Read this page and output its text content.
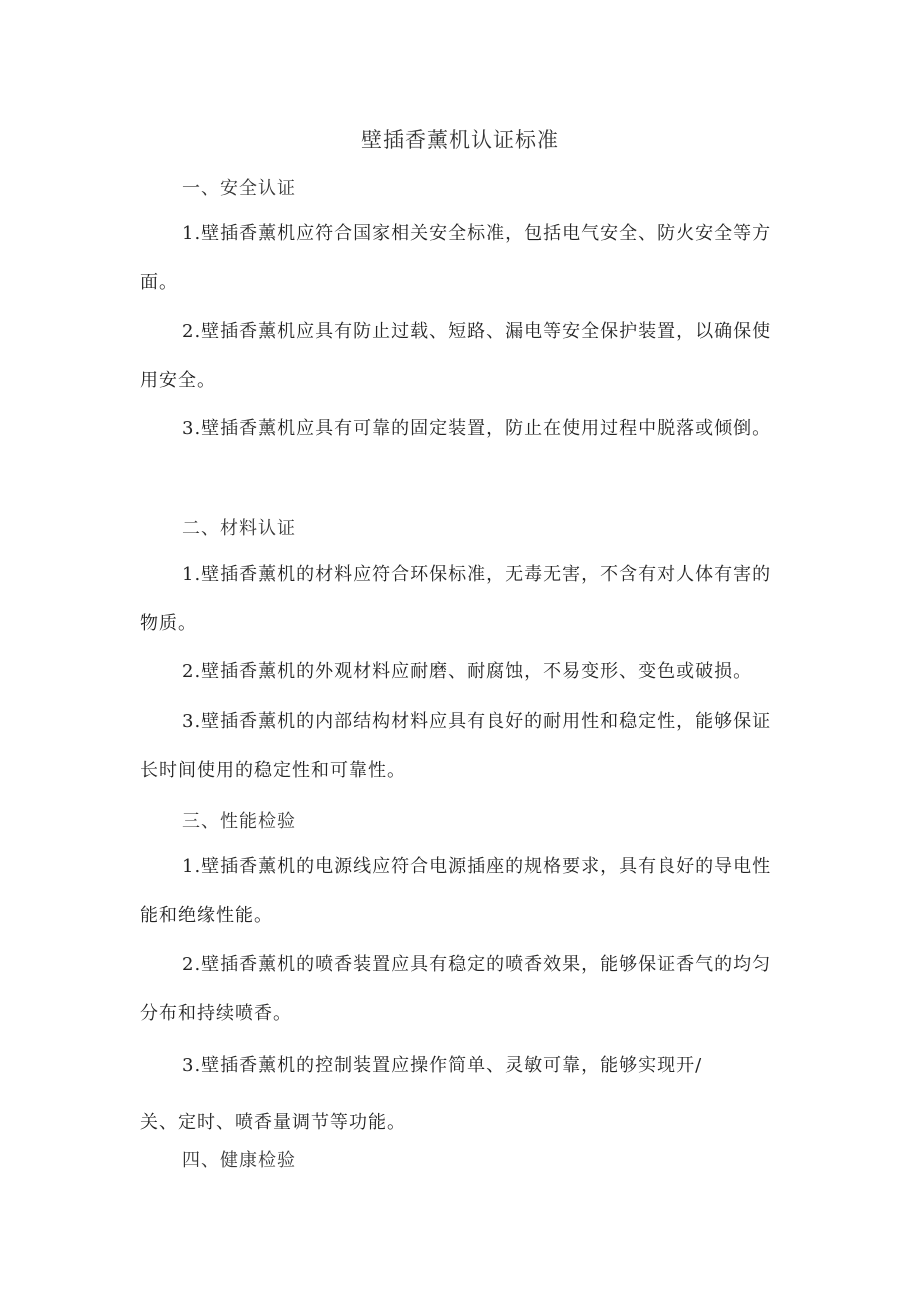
壁插香薰机认证标准
一、安全认证
1.壁插香薰机应符合国家相关安全标准，包括电气安全、防火安全等方面。
2.壁插香薰机应具有防止过载、短路、漏电等安全保护装置，以确保使用安全。
3.壁插香薰机应具有可靠的固定装置，防止在使用过程中脱落或倾倒。
二、材料认证
1.壁插香薰机的材料应符合环保标准，无毒无害，不含有对人体有害的物质。
2.壁插香薰机的外观材料应耐磨、耐腐蚀，不易变形、变色或破损。
3.壁插香薰机的内部结构材料应具有良好的耐用性和稳定性，能够保证长时间使用的稳定性和可靠性。
三、性能检验
1.壁插香薰机的电源线应符合电源插座的规格要求，具有良好的导电性能和绝缘性能。
2.壁插香薰机的喷香装置应具有稳定的喷香效果，能够保证香气的均匀分布和持续喷香。
3.壁插香薰机的控制装置应操作简单、灵敏可靠，能够实现开/
关、定时、喷香量调节等功能。
四、健康检验
